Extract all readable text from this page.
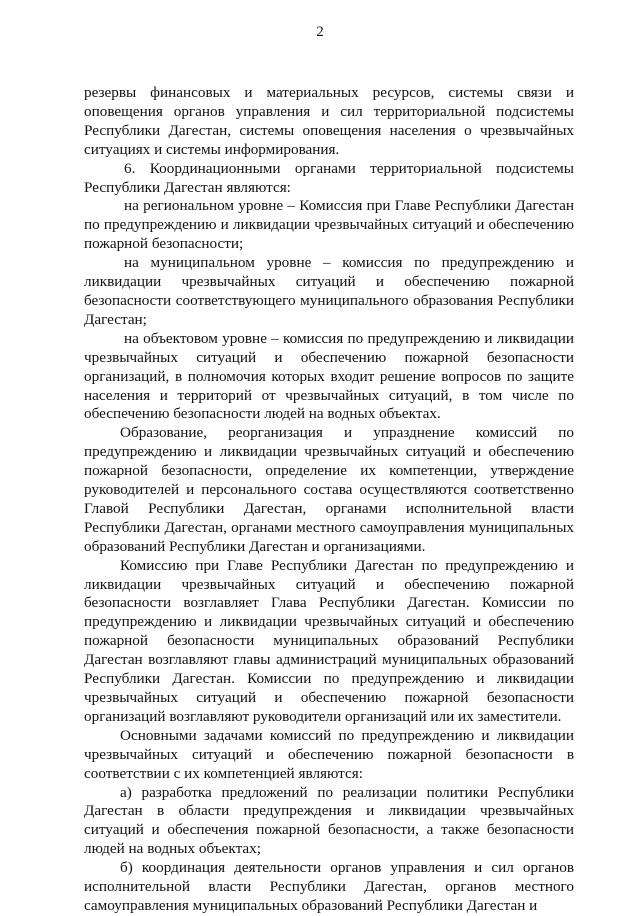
2

резервы финансовых и материальных ресурсов, системы связи и оповещения органов управления и сил территориальной подсистемы Республики Дагестан, системы оповещения населения о чрезвычайных ситуациях и системы информирования.

6. Координационными органами территориальной подсистемы Республики Дагестан являются:

на региональном уровне – Комиссия при Главе Республики Дагестан по предупреждению и ликвидации чрезвычайных ситуаций и обеспечению пожарной безопасности;

на муниципальном уровне – комиссия по предупреждению и ликвидации чрезвычайных ситуаций и обеспечению пожарной безопасности соответствующего муниципального образования Республики Дагестан;

на объектовом уровне – комиссия по предупреждению и ликвидации чрезвычайных ситуаций и обеспечению пожарной безопасности организаций, в полномочия которых входит решение вопросов по защите населения и территорий от чрезвычайных ситуаций, в том числе по обеспечению безопасности людей на водных объектах.

Образование, реорганизация и упразднение комиссий по предупреждению и ликвидации чрезвычайных ситуаций и обеспечению пожарной безопасности, определение их компетенции, утверждение руководителей и персонального состава осуществляются соответственно Главой Республики Дагестан, органами исполнительной власти Республики Дагестан, органами местного самоуправления муниципальных образований Республики Дагестан и организациями.

Комиссию при Главе Республики Дагестан по предупреждению и ликвидации чрезвычайных ситуаций и обеспечению пожарной безопасности возглавляет Глава Республики Дагестан. Комиссии по предупреждению и ликвидации чрезвычайных ситуаций и обеспечению пожарной безопасности муниципальных образований Республики Дагестан возглавляют главы администраций муниципальных образований Республики Дагестан. Комиссии по предупреждению и ликвидации чрезвычайных ситуаций и обеспечению пожарной безопасности организаций возглавляют руководители организаций или их заместители.

Основными задачами комиссий по предупреждению и ликвидации чрезвычайных ситуаций и обеспечению пожарной безопасности в соответствии с их компетенцией являются:

а) разработка предложений по реализации политики Республики Дагестан в области предупреждения и ликвидации чрезвычайных ситуаций и обеспечения пожарной безопасности, а также безопасности людей на водных объектах;

б) координация деятельности органов управления и сил органов исполнительной власти Республики Дагестан, органов местного самоуправления муниципальных образований Республики Дагестан и
